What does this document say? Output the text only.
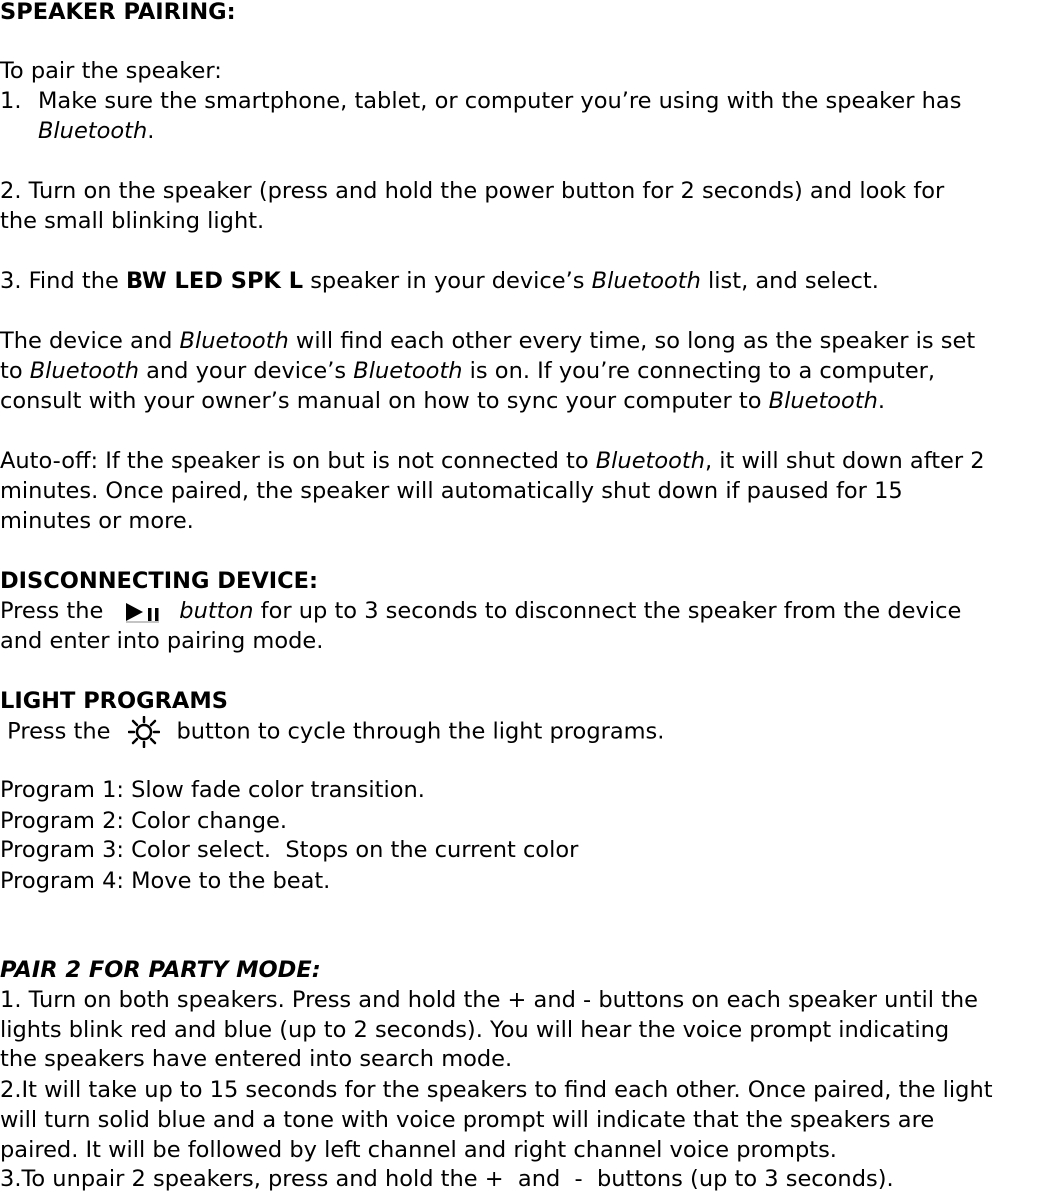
SPEAKER PAIRING:
To pair the speaker:
1. Make sure the smartphone, tablet, or computer you’re using with the speaker has
Bluetooth.
2. Turn on the speaker (press and hold the power button for 2 seconds) and look for
the small blinking light.
3. Find the BW LED SPK L speaker in your device’s Bluetooth list, and select.
The device and Bluetooth will find each other every time, so long as the speaker is set
to Bluetooth and your device’s Bluetooth is on. If you’re connecting to a computer,
consult with your owner’s manual on how to sync your computer to Bluetooth.
Auto-off: If the speaker is on but is not connected to Bluetooth, it will shut down after 2
minutes. Once paired, the speaker will automatically shut down if paused for 15
minutes or more.
DISCONNECTING DEVICE:
Press the	button for up to 3 seconds to disconnect the speaker from the device
and enter into pairing mode.
LIGHT PROGRAMS
Press the	button to cycle through the light programs.
Program 1: Slow fade color transition.
Program 2: Color change.
Program 3: Color select.  Stops on the current color
Program 4: Move to the beat.
PAIR 2 FOR PARTY MODE:
1. Turn on both speakers. Press and hold the + and - buttons on each speaker until the
lights blink red and blue (up to 2 seconds). You will hear the voice prompt indicating
the speakers have entered into search mode.
2.It will take up to 15 seconds for the speakers to find each other. Once paired, the light
will turn solid blue and a tone with voice prompt will indicate that the speakers are
paired. It will be followed by left channel and right channel voice prompts.
3.To unpair 2 speakers, press and hold the +  and  -  buttons (up to 3 seconds).
